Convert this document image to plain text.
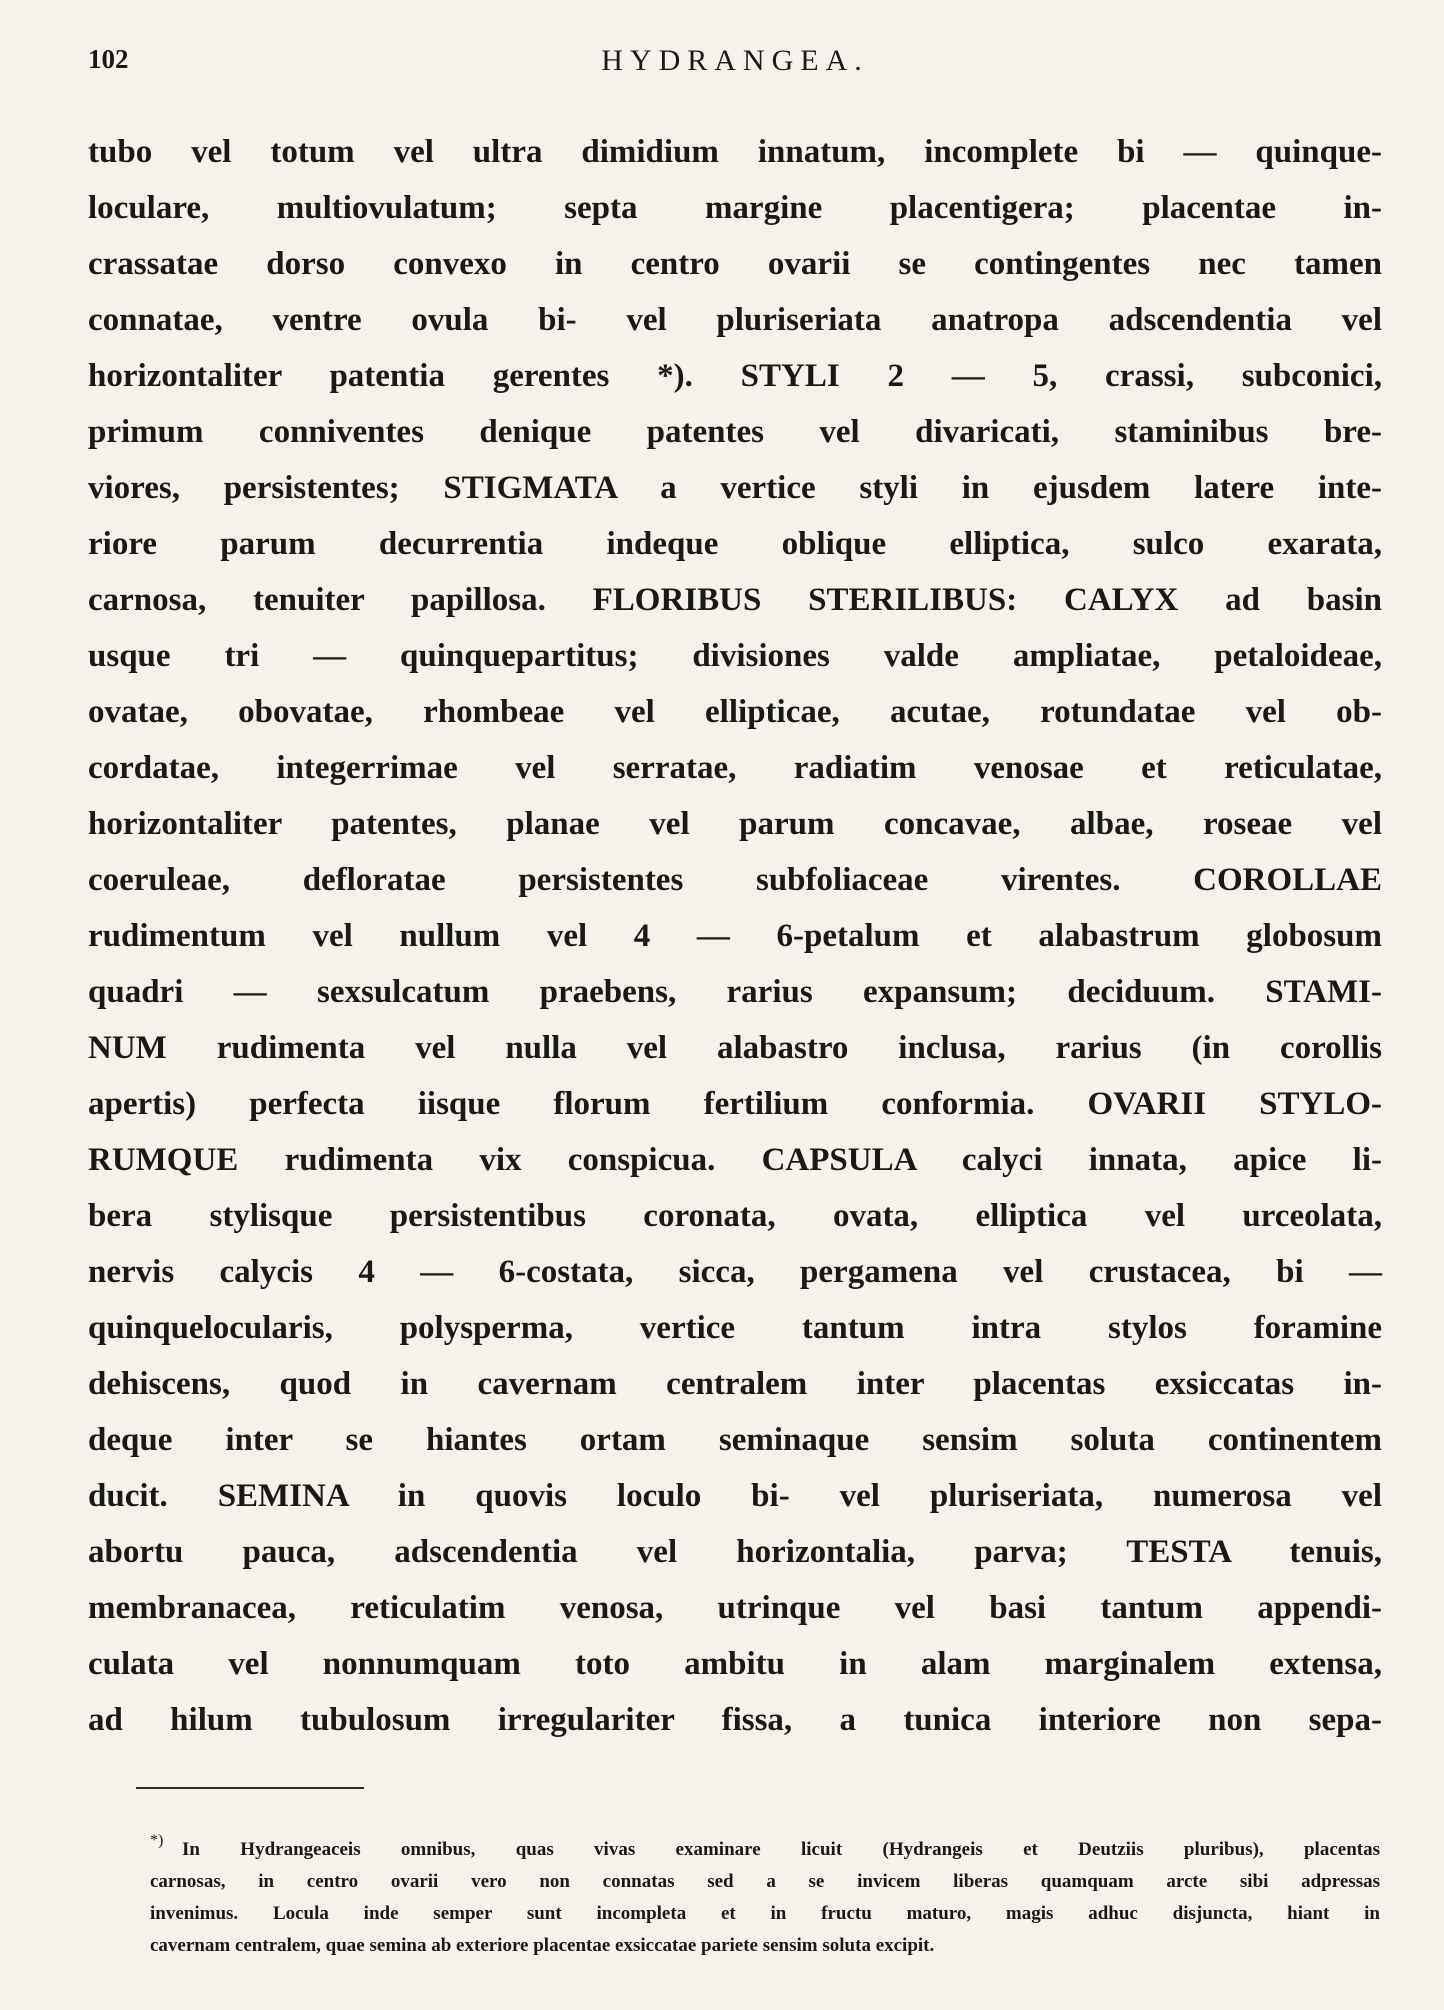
102	HYDRANGEA.
tubo vel totum vel ultra dimidium innatum, incomplete bi — quinque-
loculare, multiovulatum; septa margine placentigera; placentae in-
crassatae dorso convexo in centro ovarii se contingentes nec tamen
connatae, ventre ovula bi- vel pluriseriata anatropa adscendentia vel
horizontaliter patentia gerentes *). STYLI 2 — 5, crassi, subconici,
primum conniventes denique patentes vel divaricati, staminibus bre-
viores, persistentes; STIGMATA a vertice styli in ejusdem latere inte-
riore parum decurrentia indeque oblique elliptica, sulco exarata,
carnosa, tenuiter papillosa. FLORIBUS STERILIBUS: CALYX ad basin
usque tri — quinquepartitus; divisiones valde ampliatae, petaloideae,
ovatae, obovatae, rhombeae vel ellipticae, acutae, rotundatae vel ob-
cordatae, integerrimae vel serratae, radiatim venosae et reticulatae,
horizontaliter patentes, planae vel parum concavae, albae, roseae vel
coeruleae, defloratae persistentes subfoliaceae virentes. COROLLAE
rudimentum vel nullum vel 4 — 6-petalum et alabastrum globosum
quadri — sexsulcatum praebens, rarius expansum; deciduum. STAMI-
NUM rudimenta vel nulla vel alabastro inclusa, rarius (in corollis
apertis) perfecta iisque florum fertilium conformia. OVARII STYLO-
RUMQUE rudimenta vix conspicua. CAPSULA calyci innata, apice li-
bera stylisque persistentibus coronata, ovata, elliptica vel urceolata,
nervis calycis 4 — 6-costata, sicca, pergamena vel crustacea, bi —
quinquelocularis, polysperma, vertice tantum intra stylos foramine
dehiscens, quod in cavernam centralem inter placentas exsiccatas in-
deque inter se hiantes ortam seminaque sensim soluta continentem
ducit. SEMINA in quovis loculo bi- vel pluriseriata, numerosa vel
abortu pauca, adscendentia vel horizontalia, parva; TESTA tenuis,
membranacea, reticulatim venosa, utrinque vel basi tantum appendi-
culata vel nonnumquam toto ambitu in alam marginalem extensa,
ad hilum tubulosum irregulariter fissa, a tunica interiore non sepa-
*) In Hydrangeaceis omnibus, quas vivas examinare licuit (Hydrangeis et Deutziis pluribus), placentas
carnosas, in centro ovarii vero non connatas sed a se invicem liberas quamquam arcte sibi adpressas
invenimus. Locula inde semper sunt incompleta et in fructu maturo, magis adhuc disjuncta, hiant in
cavernam centralem, quae semina ab exteriore placentae exsiccatae pariete sensim soluta excipit.
